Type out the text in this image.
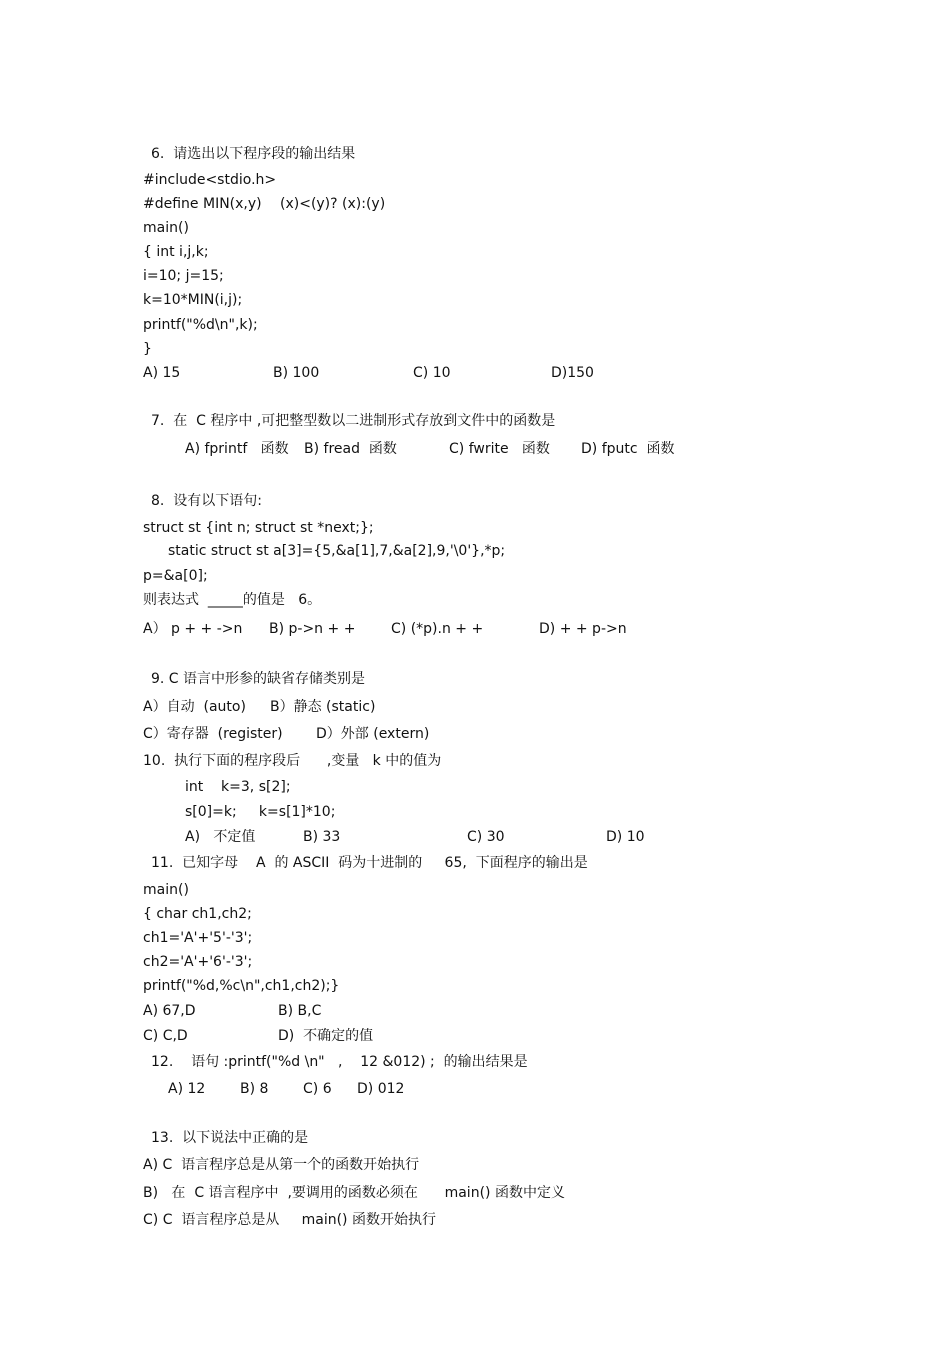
6.  请选出以下程序段的输出结果
#include<stdio.h>
#define MIN(x,y) (x)<(y)? (x):(y)
main()
{ int i,j,k;
i=10; j=15;
k=10*MIN(i,j);
printf("%d\n",k);
}
A) 15	B) 100	C) 10	D)150
7.  在  C 程序中 ,可把整型数以二进制形式存放到文件中的函数是
A) fprintf   函数 B) fread  函数	C) fwrite   函数 D) fputc  函数
8.  设有以下语句:
struct st {int n; struct st *next;};
static struct st a[3]={5,&a[1],7,&a[2],9,'\0'},*p;
p=&a[0];
则表达式  _____的值是   6。
A） p + + ->n B) p->n + +	C) (*p).n + +	D) + + p->n
9. C 语言中形参的缺省存储类别是
A）自动  (auto) B）静态 (static)
C）寄存器  (register) D）外部 (extern)
10.  执行下面的程序段后      ,变量   k 中的值为
int    k=3, s[2];
s[0]=k;     k=s[1]*10;
A)   不定值	B) 33	C) 30	D) 10
11.  已知字母    A  的 ASCII  码为十进制的     65,  下面程序的输出是
main()
{ char ch1,ch2;
ch1='A'+'5'-'3';
ch2='A'+'6'-'3';
printf("%d,%c\n",ch1,ch2);}
A) 67,D	B) B,C
C) C,D	D)  不确定的值
12.    语句 :printf("%d \n"   ,    12 &012) ;  的输出结果是
A) 12 B) 8 C) 6 D) 012
13.  以下说法中正确的是
A) C  语言程序总是从第一个的函数开始执行
B)   在  C 语言程序中  ,要调用的函数必须在      main() 函数中定义
C) C  语言程序总是从     main() 函数开始执行
